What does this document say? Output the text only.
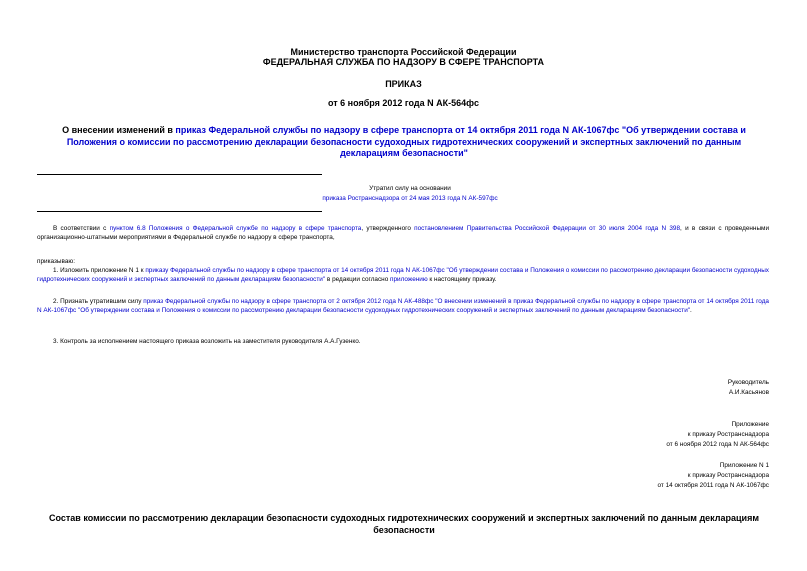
Министерство транспорта Российской Федерации
ФЕДЕРАЛЬНАЯ СЛУЖБА ПО НАДЗОРУ В СФЕРЕ ТРАНСПОРТА
ПРИКАЗ
от 6 ноября 2012 года N АК-564фс
О внесении изменений в приказ Федеральной службы по надзору в сфере транспорта от 14 октября 2011 года N АК-1067фс "Об утверждении состава и Положения о комиссии по рассмотрению декларации безопасности судоходных гидротехнических сооружений и экспертных заключений по данным декларациям безопасности"
Утратил силу на основании
приказа Ространснадзора от 24 мая 2013 года N АК-597фс
В соответствии с пунктом 6.8 Положения о Федеральной службе по надзору в сфере транспорта, утвержденного постановлением Правительства Российской Федерации от 30 июля 2004 года N 398, и в связи с проведенными организационно-штатными мероприятиями в Федеральной службе по надзору в сфере транспорта,
приказываю:
1. Изложить приложение N 1 к приказу Федеральной службы по надзору в сфере транспорта от 14 октября 2011 года N АК-1067фс "Об утверждении состава и Положения о комиссии по рассмотрению декларации безопасности судоходных гидротехнических сооружений и экспертных заключений по данным декларациям безопасности" в редакции согласно приложению к настоящему приказу.
2. Признать утратившим силу приказ Федеральной службы по надзору в сфере транспорта от 2 октября 2012 года N АК-488фс "О внесении изменений в приказ Федеральной службы по надзору в сфере транспорта от 14 октября 2011 года N АК-1067фс "Об утверждении состава и Положения о комиссии по рассмотрению декларации безопасности судоходных гидротехнических сооружений и экспертных заключений по данным декларациям безопасности".
3. Контроль за исполнением настоящего приказа возложить на заместителя руководителя А.А.Гузенко.
Руководитель
А.И.Касьянов
Приложение
к приказу Ространснадзора
от 6 ноября 2012 года N АК-564фс
Приложение N 1
к приказу Ространснадзора
от 14 октября 2011 года N АК-1067фс
Состав комиссии по рассмотрению декларации безопасности судоходных гидротехнических сооружений и экспертных заключений по данным декларациям безопасности
